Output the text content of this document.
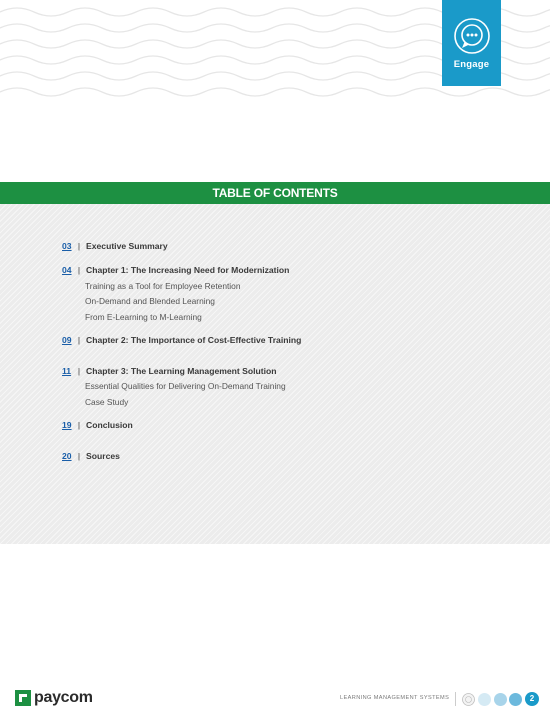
Engage
TABLE OF CONTENTS
03 | Executive Summary
04 | Chapter 1: The Increasing Need for Modernization
Training as a Tool for Employee Retention
On-Demand and Blended Learning
From E-Learning to M-Learning
09 | Chapter 2: The Importance of Cost-Effective Training
11 | Chapter 3: The Learning Management Solution
Essential Qualities for Delivering On-Demand Training
Case Study
19 | Conclusion
20 | Sources
paycom	LEARNING MANAGEMENT SYSTEMS	2
